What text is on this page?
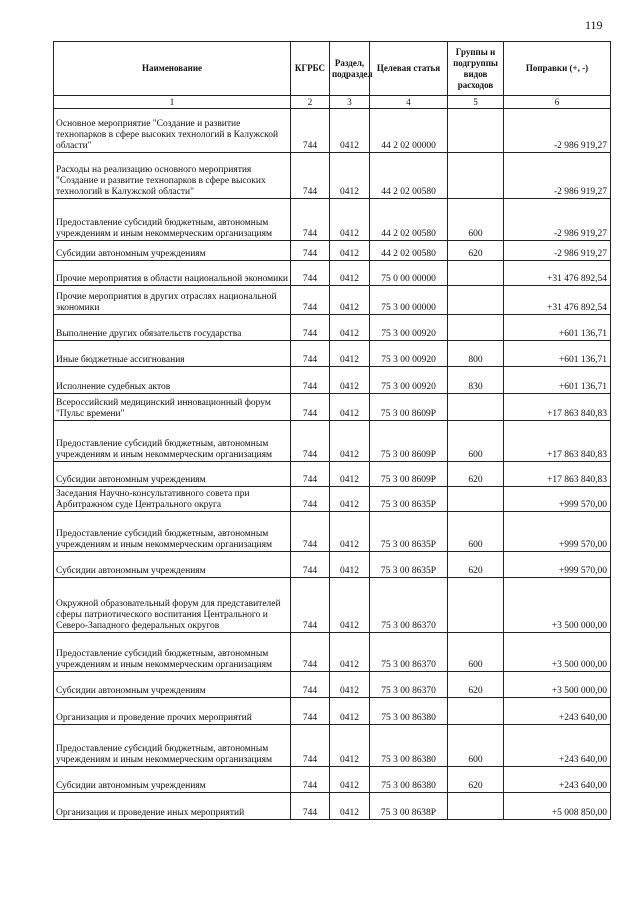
119
Наименование	КГРБС	Раздел, подраздел	Целевая статья	Группы и подгруппы видов расходов	Поправки (+, -)
1	2	3	4	5	6
Основное мероприятие "Создание и развитие технопарков в сфере высоких технологий в Калужской области"	744	0412	44 2 02 00000		-2 986 919,27
Расходы на реализацию основного мероприятия "Создание и развитие технопарков в сфере высоких технологий в Калужской области"	744	0412	44 2 02 00580		-2 986 919,27
Предоставление субсидий бюджетным, автономным учреждениям и иным некоммерческим организациям	744	0412	44 2 02 00580	600	-2 986 919,27
Субсидии автономным учреждениям	744	0412	44 2 02 00580	620	-2 986 919,27
Прочие мероприятия в области национальной экономики	744	0412	75 0 00 00000		+31 476 892,54
Прочие мероприятия в других отраслях национальной экономики	744	0412	75 3 00 00000		+31 476 892,54
Выполнение других обязательств государства	744	0412	75 3 00 00920		+601 136,71
Иные бюджетные ассигнования	744	0412	75 3 00 00920	800	+601 136,71
Исполнение судебных актов	744	0412	75 3 00 00920	830	+601 136,71
Всероссийский медицинский инновационный форум "Пульс времени"	744	0412	75 3 00 8609P		+17 863 840,83
Предоставление субсидий бюджетным, автономным учреждениям и иным некоммерческим организациям	744	0412	75 3 00 8609P	600	+17 863 840,83
Субсидии автономным учреждениям	744	0412	75 3 00 8609P	620	+17 863 840,83
Заседания Научно-консультативного совета при Арбитражном суде Центрального округа	744	0412	75 3 00 8635P		+999 570,00
Предоставление субсидий бюджетным, автономным учреждениям и иным некоммерческим организациям	744	0412	75 3 00 8635P	600	+999 570,00
Субсидии автономным учреждениям	744	0412	75 3 00 8635P	620	+999 570,00
Окружной образовательный форум для представителей сферы патриотического воспитания Центрального и Северо-Западного федеральных округов	744	0412	75 3 00 86370		+3 500 000,00
Предоставление субсидий бюджетным, автономным учреждениям и иным некоммерческим организациям	744	0412	75 3 00 86370	600	+3 500 000,00
Субсидии автономным учреждениям	744	0412	75 3 00 86370	620	+3 500 000,00
Организация и проведение прочих мероприятий	744	0412	75 3 00 86380		+243 640,00
Предоставление субсидий бюджетным, автономным учреждениям и иным некоммерческим организациям	744	0412	75 3 00 86380	600	+243 640,00
Субсидии автономным учреждениям	744	0412	75 3 00 86380	620	+243 640,00
Организация и проведение иных мероприятий	744	0412	75 3 00 8638P		+5 008 850,00
